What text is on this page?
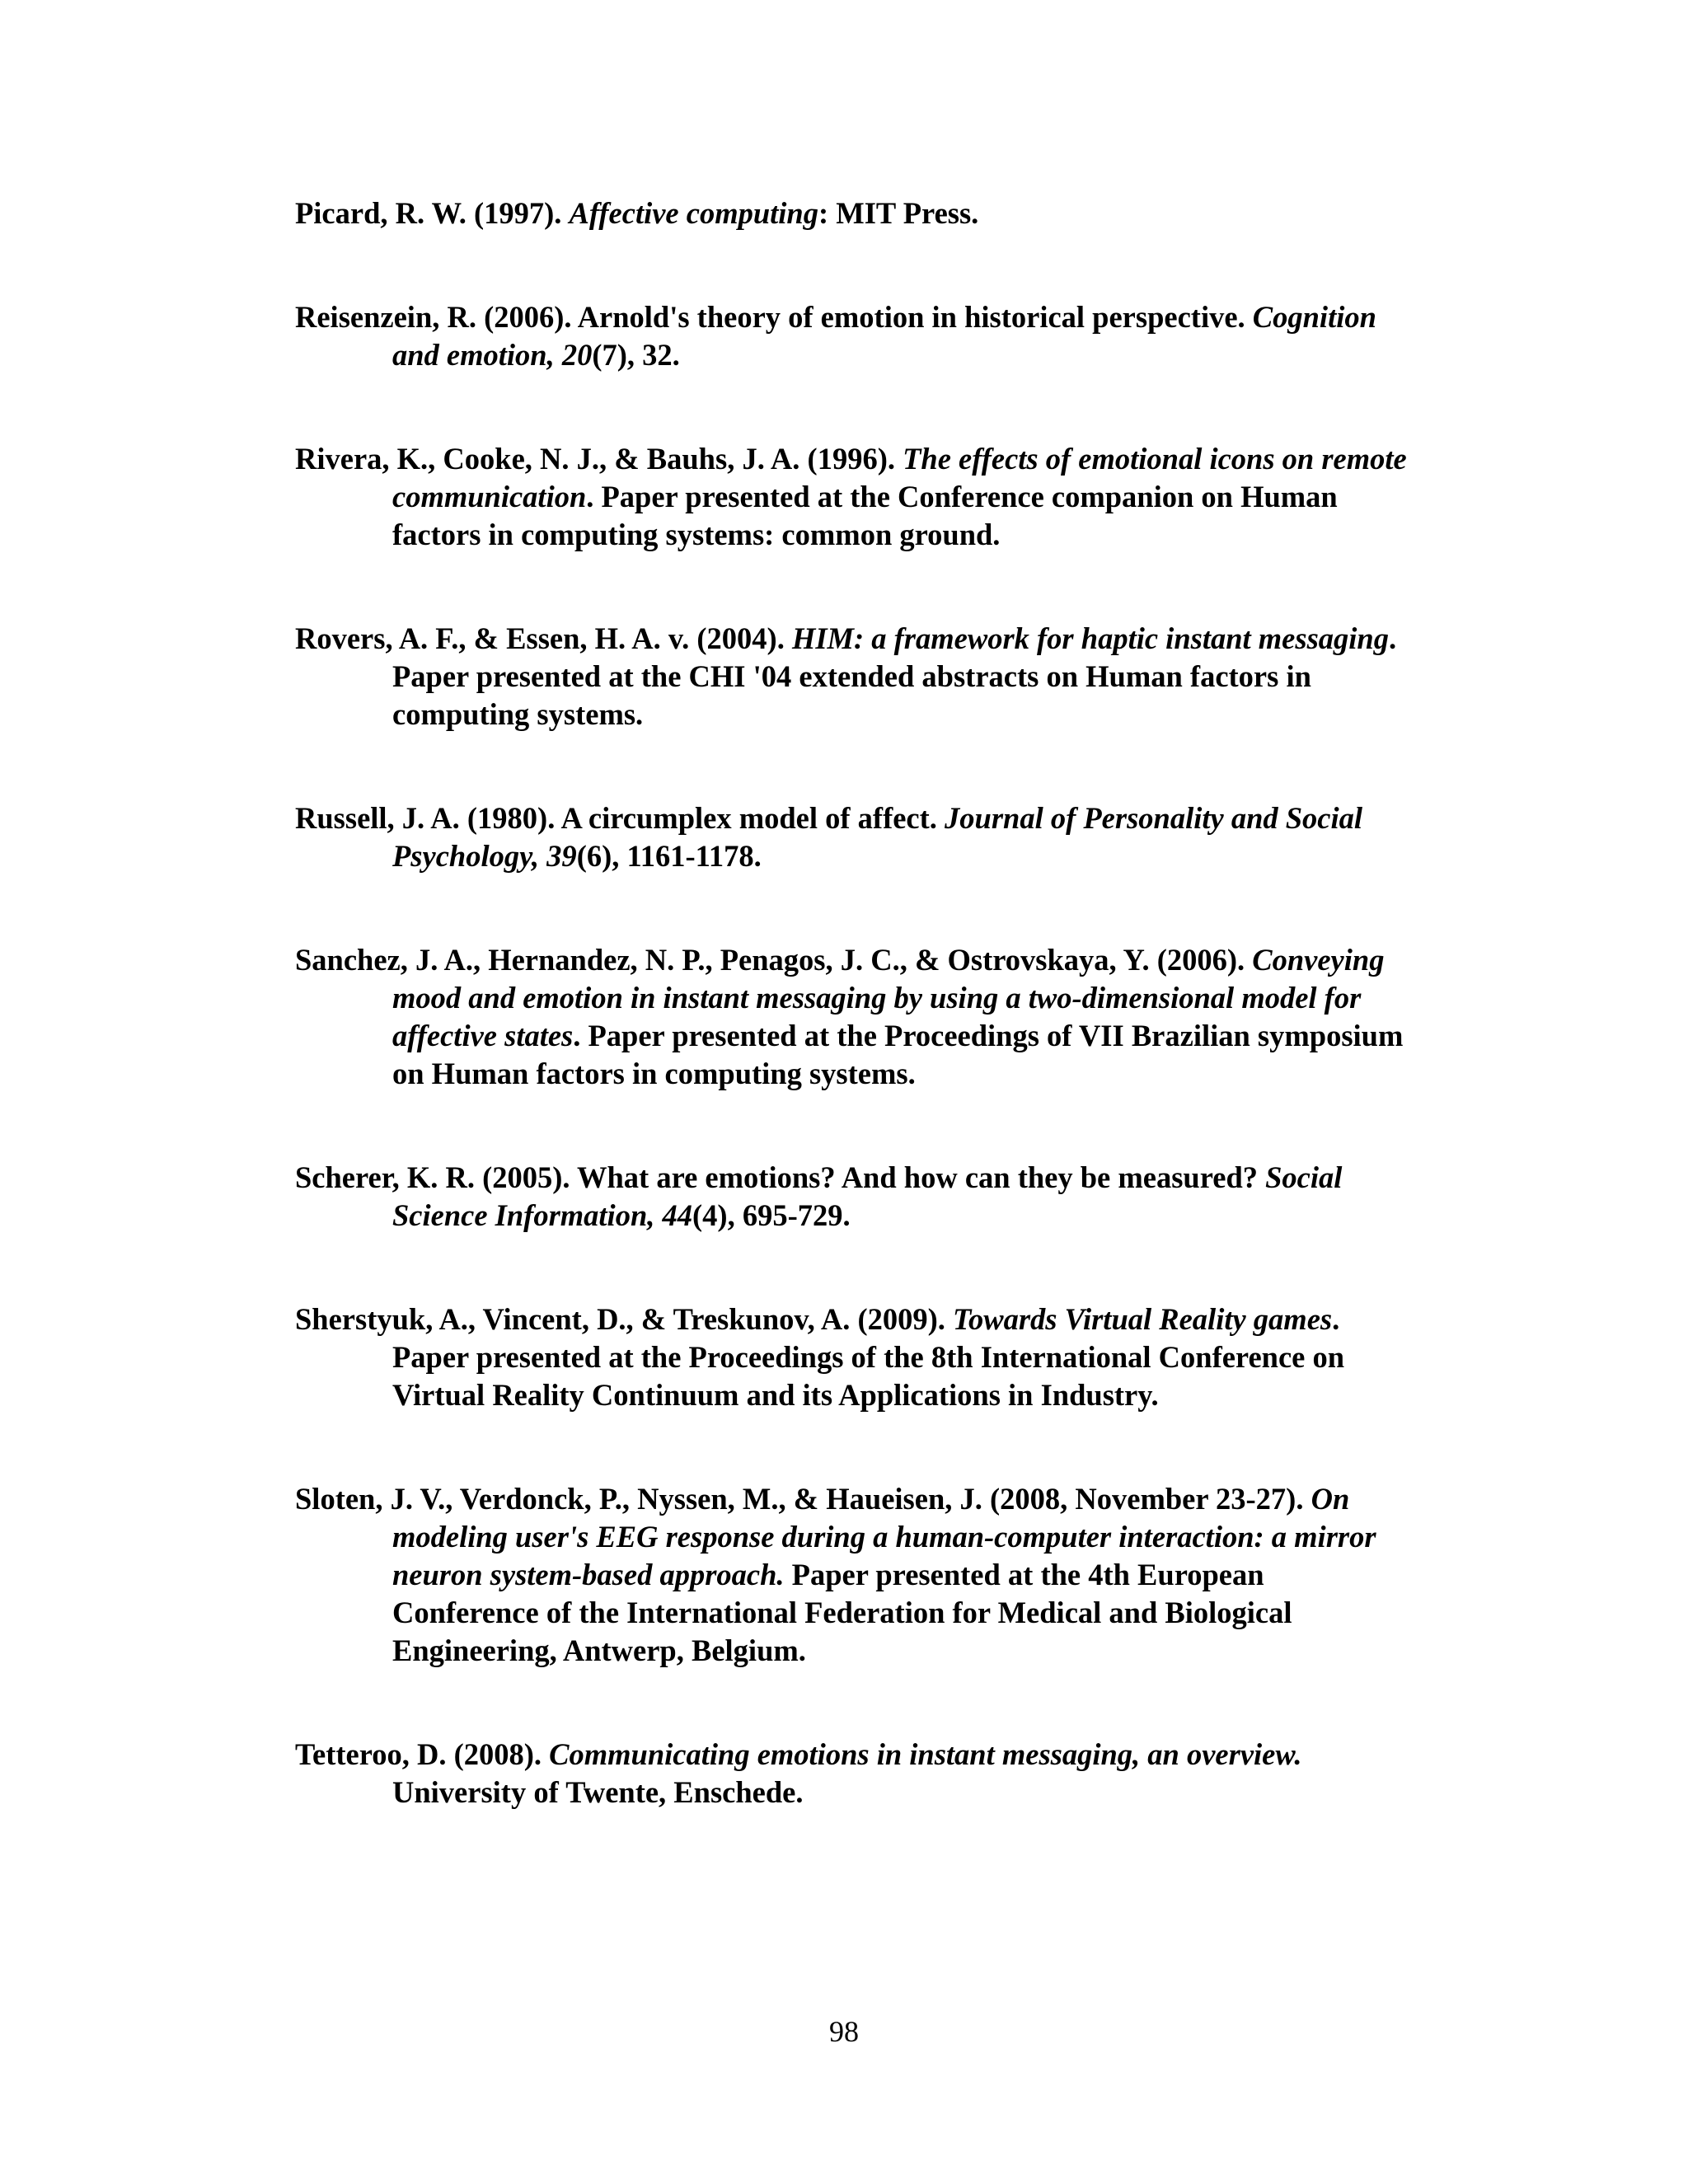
Picard, R. W. (1997). Affective computing: MIT Press.

Reisenzein, R. (2006). Arnold's theory of emotion in historical perspective. Cognition and emotion, 20(7), 32.

Rivera, K., Cooke, N. J., & Bauhs, J. A. (1996). The effects of emotional icons on remote communication. Paper presented at the Conference companion on Human factors in computing systems: common ground.

Rovers, A. F., & Essen, H. A. v. (2004). HIM: a framework for haptic instant messaging. Paper presented at the CHI '04 extended abstracts on Human factors in computing systems.

Russell, J. A. (1980). A circumplex model of affect. Journal of Personality and Social Psychology, 39(6), 1161-1178.

Sanchez, J. A., Hernandez, N. P., Penagos, J. C., & Ostrovskaya, Y. (2006). Conveying mood and emotion in instant messaging by using a two-dimensional model for affective states. Paper presented at the Proceedings of VII Brazilian symposium on Human factors in computing systems.

Scherer, K. R. (2005). What are emotions? And how can they be measured? Social Science Information, 44(4), 695-729.

Sherstyuk, A., Vincent, D., & Treskunov, A. (2009). Towards Virtual Reality games. Paper presented at the Proceedings of the 8th International Conference on Virtual Reality Continuum and its Applications in Industry.

Sloten, J. V., Verdonck, P., Nyssen, M., & Haueisen, J. (2008, November 23-27). On modeling user's EEG response during a human-computer interaction: a mirror neuron system-based approach. Paper presented at the 4th European Conference of the International Federation for Medical and Biological Engineering, Antwerp, Belgium.

Tetteroo, D. (2008). Communicating emotions in instant messaging, an overview. University of Twente, Enschede.

98
